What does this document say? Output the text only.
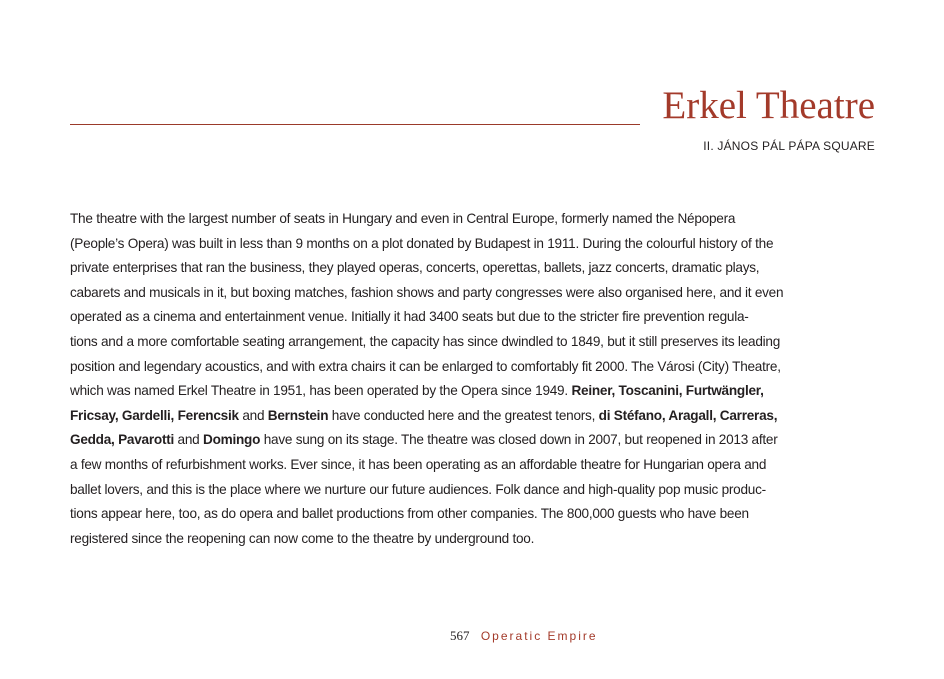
Erkel Theatre
II. JÁNOS PÁL PÁPA SQUARE
The theatre with the largest number of seats in Hungary and even in Central Europe, formerly named the Népopera
(People’s Opera) was built in less than 9 months on a plot donated by Budapest in 1911. During the colourful history of the
private enterprises that ran the business, they played operas, concerts, operettas, ballets, jazz concerts, dramatic plays,
cabarets and musicals in it, but boxing matches, fashion shows and party congresses were also organised here, and it even
operated as a cinema and entertainment venue. Initially it had 3400 seats but due to the stricter fire prevention regula-
tions and a more comfortable seating arrangement, the capacity has since dwindled to 1849, but it still preserves its leading
position and legendary acoustics, and with extra chairs it can be enlarged to comfortably fit 2000. The Városi (City) Theatre,
which was named Erkel Theatre in 1951, has been operated by the Opera since 1949. Reiner, Toscanini, Furtwängler,
Fricsay, Gardelli, Ferencsik and Bernstein have conducted here and the greatest tenors, di Stéfano, Aragall, Carreras,
Gedda, Pavarotti and Domingo have sung on its stage. The theatre was closed down in 2007, but reopened in 2013 after
a few months of refurbishment works. Ever since, it has been operating as an affordable theatre for Hungarian opera and
ballet lovers, and this is the place where we nurture our future audiences. Folk dance and high-quality pop music produc-
tions appear here, too, as do opera and ballet productions from other companies. The 800,000 guests who have been
registered since the reopening can now come to the theatre by underground too.
567 Operatic Empire
